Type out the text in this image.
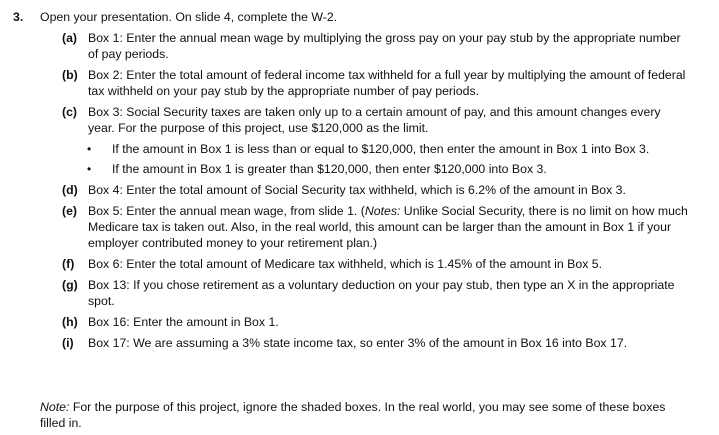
3. Open your presentation. On slide 4, complete the W-2.
(a) Box 1: Enter the annual mean wage by multiplying the gross pay on your pay stub by the appropriate number of pay periods.
(b) Box 2: Enter the total amount of federal income tax withheld for a full year by multiplying the amount of federal tax withheld on your pay stub by the appropriate number of pay periods.
(c) Box 3: Social Security taxes are taken only up to a certain amount of pay, and this amount changes every year. For the purpose of this project, use $120,000 as the limit.
• If the amount in Box 1 is less than or equal to $120,000, then enter the amount in Box 1 into Box 3.
• If the amount in Box 1 is greater than $120,000, then enter $120,000 into Box 3.
(d) Box 4: Enter the total amount of Social Security tax withheld, which is 6.2% of the amount in Box 3.
(e) Box 5: Enter the annual mean wage, from slide 1. (Notes: Unlike Social Security, there is no limit on how much Medicare tax is taken out. Also, in the real world, this amount can be larger than the amount in Box 1 if your employer contributed money to your retirement plan.)
(f) Box 6: Enter the total amount of Medicare tax withheld, which is 1.45% of the amount in Box 5.
(g) Box 13: If you chose retirement as a voluntary deduction on your pay stub, then type an X in the appropriate spot.
(h) Box 16: Enter the amount in Box 1.
(i) Box 17: We are assuming a 3% state income tax, so enter 3% of the amount in Box 16 into Box 17.
Note: For the purpose of this project, ignore the shaded boxes. In the real world, you may see some of these boxes filled in.
